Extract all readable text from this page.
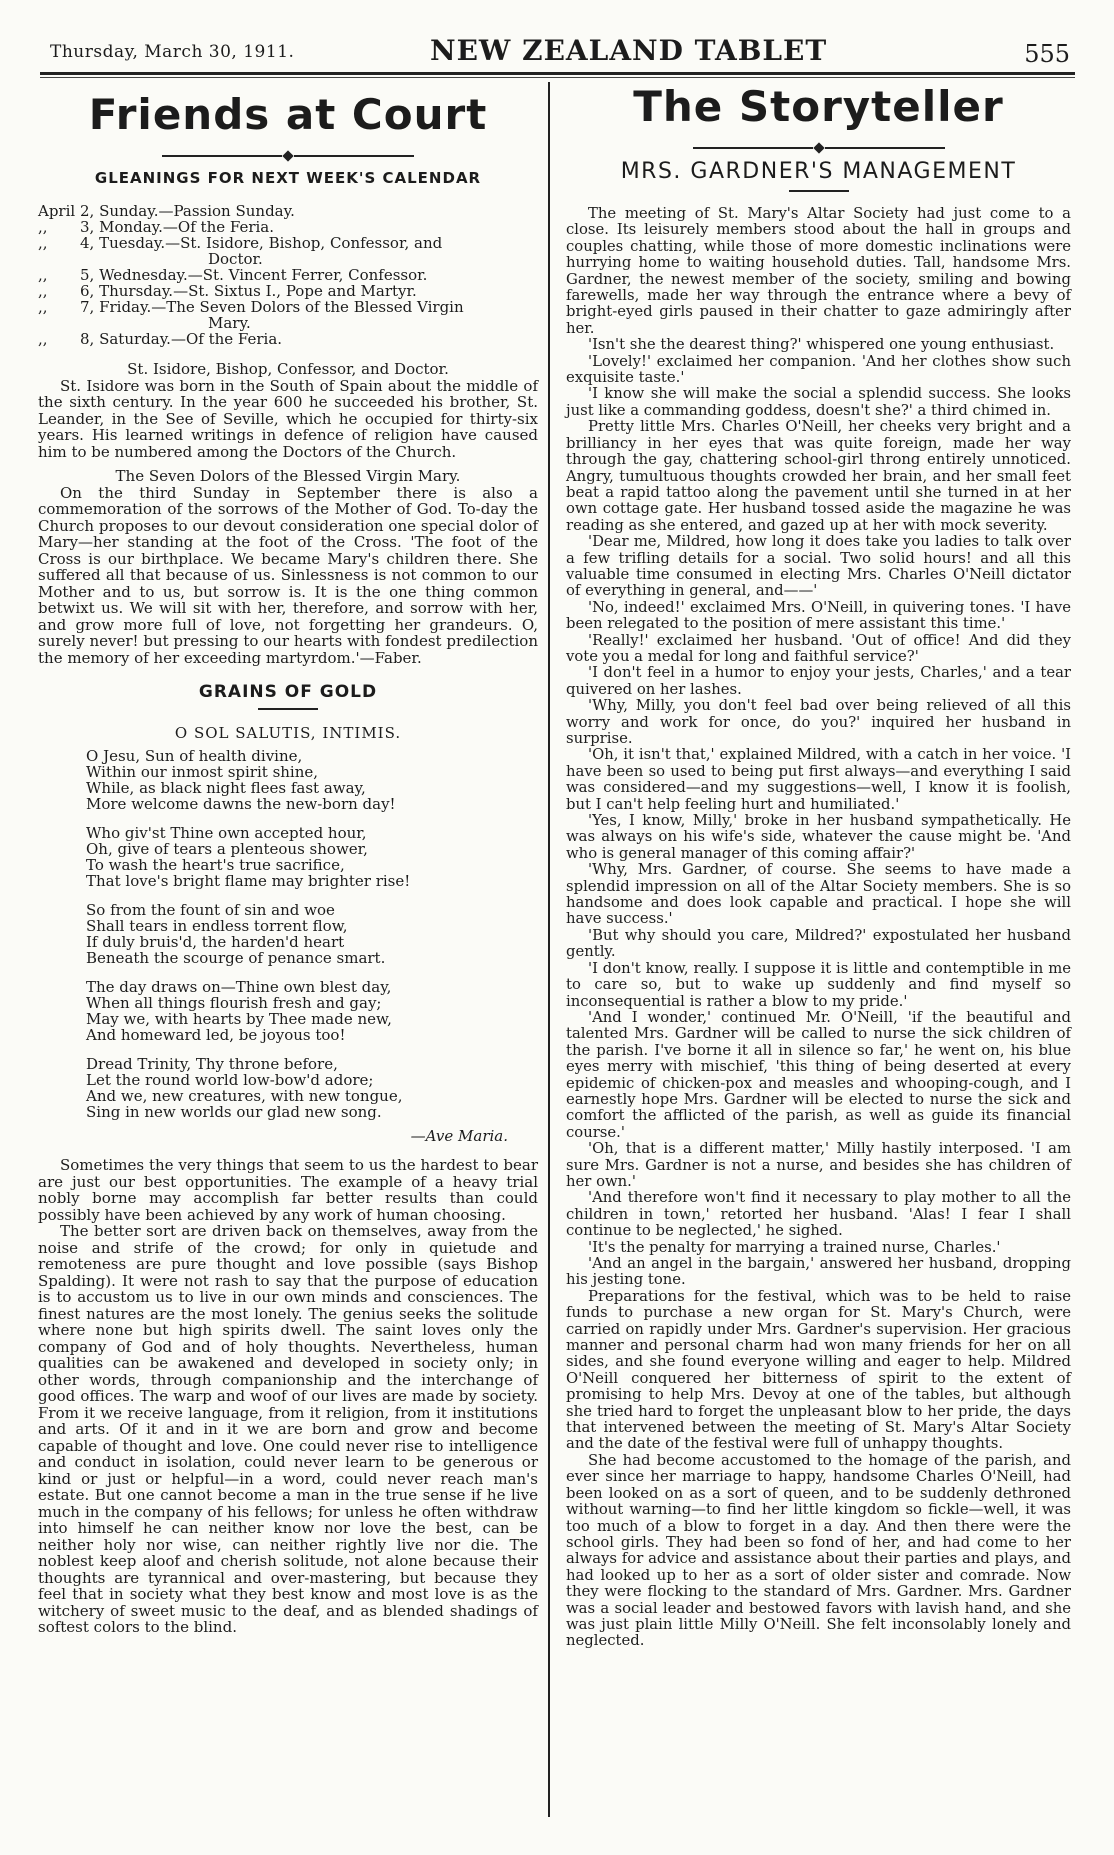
Thursday, March 30, 1911.	NEW ZEALAND TABLET	555
Friends at Court
GLEANINGS FOR NEXT WEEK'S CALENDAR
April 2, Sunday.—Passion Sunday.
,,	3, Monday.—Of the Feria.
,,	4, Tuesday.—St. Isidore, Bishop, Confessor, and
Doctor.
,,	5, Wednesday.—St. Vincent Ferrer, Confessor.
,,	6, Thursday.—St. Sixtus I., Pope and Martyr.
,,	7, Friday.—The Seven Dolors of the Blessed Virgin
Mary.
,,	8, Saturday.—Of the Feria.

St. Isidore, Bishop, Confessor, and Doctor.

St. Isidore was born in the South of Spain about the middle of the sixth century. In the year 600 he succeeded his brother, St. Leander, in the See of Seville, which he occupied for thirty-six years. His learned writings in defence of religion have caused him to be numbered among the Doctors of the Church.

The Seven Dolors of the Blessed Virgin Mary.

On the third Sunday in September there is also a commemoration of the sorrows of the Mother of God. To-day the Church proposes to our devout consideration one special dolor of Mary—her standing at the foot of the Cross. 'The foot of the Cross is our birthplace. We became Mary's children there. She suffered all that because of us. Sinlessness is not common to our Mother and to us, but sorrow is. It is the one thing common betwixt us. We will sit with her, therefore, and sorrow with her, and grow more full of love, not forgetting her grandeurs. O, surely never! but pressing to our hearts with fondest predilection the memory of her exceeding martyrdom.'—Faber.

GRAINS OF GOLD
O SOL SALUTIS, INTIMIS.
O Jesu, Sun of health divine,
Within our inmost spirit shine,
While, as black night flees fast away,
More welcome dawns the new-born day!
Who giv'st Thine own accepted hour,
Oh, give of tears a plenteous shower,
To wash the heart's true sacrifice,
That love's bright flame may brighter rise!
So from the fount of sin and woe
Shall tears in endless torrent flow,
If duly bruis'd, the harden'd heart
Beneath the scourge of penance smart.
The day draws on—Thine own blest day,
When all things flourish fresh and gay;
May we, with hearts by Thee made new,
And homeward led, be joyous too!
Dread Trinity, Thy throne before,
Let the round world low-bow'd adore;
And we, new creatures, with new tongue,
Sing in new worlds our glad new song.
—Ave Maria.

Sometimes the very things that seem to us the hardest to bear are just our best opportunities. The example of a heavy trial nobly borne may accomplish far better results than could possibly have been achieved by any work of human choosing.

The better sort are driven back on themselves, away from the noise and strife of the crowd; for only in quietude and remoteness are pure thought and love possible (says Bishop Spalding). It were not rash to say that the purpose of education is to accustom us to live in our own minds and consciences. The finest natures are the most lonely. The genius seeks the solitude where none but high spirits dwell. The saint loves only the company of God and of holy thoughts. Nevertheless, human qualities can be awakened and developed in society only; in other words, through companionship and the interchange of good offices. The warp and woof of our lives are made by society. From it we receive language, from it religion, from it institutions and arts. Of it and in it we are born and grow and become capable of thought and love. One could never rise to intelligence and conduct in isolation, could never learn to be generous or kind or just or helpful—in a word, could never reach man's estate. But one cannot become a man in the true sense if he live much in the company of his fellows; for unless he often withdraw into himself he can neither know nor love the best, can be neither holy nor wise, can neither rightly live nor die. The noblest keep aloof and cherish solitude, not alone because their thoughts are tyrannical and over-mastering, but because they feel that in society what they best know and most love is as the witchery of sweet music to the deaf, and as blended shadings of softest colors to the blind.

The Storyteller
MRS. GARDNER'S MANAGEMENT

The meeting of St. Mary's Altar Society had just come to a close. Its leisurely members stood about the hall in groups and couples chatting, while those of more domestic inclinations were hurrying home to waiting household duties. Tall, handsome Mrs. Gardner, the newest member of the society, smiling and bowing farewells, made her way through the entrance where a bevy of bright-eyed girls paused in their chatter to gaze admiringly after her.

'Isn't she the dearest thing?' whispered one young enthusiast.

'Lovely!' exclaimed her companion. 'And her clothes show such exquisite taste.'

'I know she will make the social a splendid success. She looks just like a commanding goddess, doesn't she?' a third chimed in.

Pretty little Mrs. Charles O'Neill, her cheeks very bright and a brilliancy in her eyes that was quite foreign, made her way through the gay, chattering school-girl throng entirely unnoticed. Angry, tumultuous thoughts crowded her brain, and her small feet beat a rapid tattoo along the pavement until she turned in at her own cottage gate. Her husband tossed aside the magazine he was reading as she entered, and gazed up at her with mock severity.

'Dear me, Mildred, how long it does take you ladies to talk over a few trifling details for a social. Two solid hours! and all this valuable time consumed in electing Mrs. Charles O'Neill dictator of everything in general, and——'

'No, indeed!' exclaimed Mrs. O'Neill, in quivering tones. 'I have been relegated to the position of mere assistant this time.'

'Really!' exclaimed her husband. 'Out of office! And did they vote you a medal for long and faithful service?'

'I don't feel in a humor to enjoy your jests, Charles,' and a tear quivered on her lashes.

'Why, Milly, you don't feel bad over being relieved of all this worry and work for once, do you?' inquired her husband in surprise.

'Oh, it isn't that,' explained Mildred, with a catch in her voice. 'I have been so used to being put first always—and everything I said was considered—and my suggestions—well, I know it is foolish, but I can't help feeling hurt and humiliated.'

'Yes, I know, Milly,' broke in her husband sympathetically. He was always on his wife's side, whatever the cause might be. 'And who is general manager of this coming affair?'

'Why, Mrs. Gardner, of course. She seems to have made a splendid impression on all of the Altar Society members. She is so handsome and does look capable and practical. I hope she will have success.'

'But why should you care, Mildred?' expostulated her husband gently.

'I don't know, really. I suppose it is little and contemptible in me to care so, but to wake up suddenly and find myself so inconsequential is rather a blow to my pride.'

'And I wonder,' continued Mr. O'Neill, 'if the beautiful and talented Mrs. Gardner will be called to nurse the sick children of the parish. I've borne it all in silence so far,' he went on, his blue eyes merry with mischief, 'this thing of being deserted at every epidemic of chicken-pox and measles and whooping-cough, and I earnestly hope Mrs. Gardner will be elected to nurse the sick and comfort the afflicted of the parish, as well as guide its financial course.'

'Oh, that is a different matter,' Milly hastily interposed. 'I am sure Mrs. Gardner is not a nurse, and besides she has children of her own.'

'And therefore won't find it necessary to play mother to all the children in town,' retorted her husband. 'Alas! I fear I shall continue to be neglected,' he sighed.

'It's the penalty for marrying a trained nurse, Charles.'

'And an angel in the bargain,' answered her husband, dropping his jesting tone.

Preparations for the festival, which was to be held to raise funds to purchase a new organ for St. Mary's Church, were carried on rapidly under Mrs. Gardner's supervision. Her gracious manner and personal charm had won many friends for her on all sides, and she found everyone willing and eager to help. Mildred O'Neill conquered her bitterness of spirit to the extent of promising to help Mrs. Devoy at one of the tables, but although she tried hard to forget the unpleasant blow to her pride, the days that intervened between the meeting of St. Mary's Altar Society and the date of the festival were full of unhappy thoughts.

She had become accustomed to the homage of the parish, and ever since her marriage to happy, handsome Charles O'Neill, had been looked on as a sort of queen, and to be suddenly dethroned without warning—to find her little kingdom so fickle—well, it was too much of a blow to forget in a day. And then there were the school girls. They had been so fond of her, and had come to her always for advice and assistance about their parties and plays, and had looked up to her as a sort of older sister and comrade. Now they were flocking to the standard of Mrs. Gardner. Mrs. Gardner was a social leader and bestowed favors with lavish hand, and she was just plain little Milly O'Neill. She felt inconsolably lonely and neglected.
